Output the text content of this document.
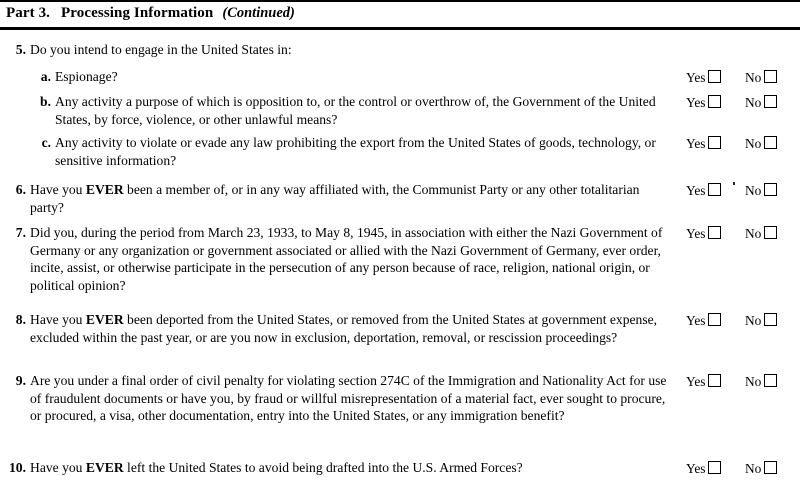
Part 3. Processing Information (Continued)
5. Do you intend to engage in the United States in:
a. Espionage?	Yes	No
b. Any activity a purpose of which is opposition to, or the control or overthrow of, the Government of the United States, by force, violence, or other unlawful means?
Yes	No
c. Any activity to violate or evade any law prohibiting the export from the United States of goods, technology, or sensitive information?
Yes	No
6. Have you EVER been a member of, or in any way affiliated with, the Communist Party or any other totalitarian party?
Yes	No
7. Did you, during the period from March 23, 1933, to May 8, 1945, in association with either the Nazi Government of Germany or any organization or government associated or allied with the Nazi Government of Germany, ever order, incite, assist, or otherwise participate in the persecution of any person because of race, religion, national origin, or political opinion?
Yes	No
8. Have you EVER been deported from the United States, or removed from the United States at government expense, excluded within the past year, or are you now in exclusion, deportation, removal, or rescission proceedings?
Yes	No
9. Are you under a final order of civil penalty for violating section 274C of the Immigration and Nationality Act for use of fraudulent documents or have you, by fraud or willful misrepresentation of a material fact, ever sought to procure, or procured, a visa, other documentation, entry into the United States, or any immigration benefit?
Yes	No
10. Have you EVER left the United States to avoid being drafted into the U.S. Armed Forces?	Yes	No
